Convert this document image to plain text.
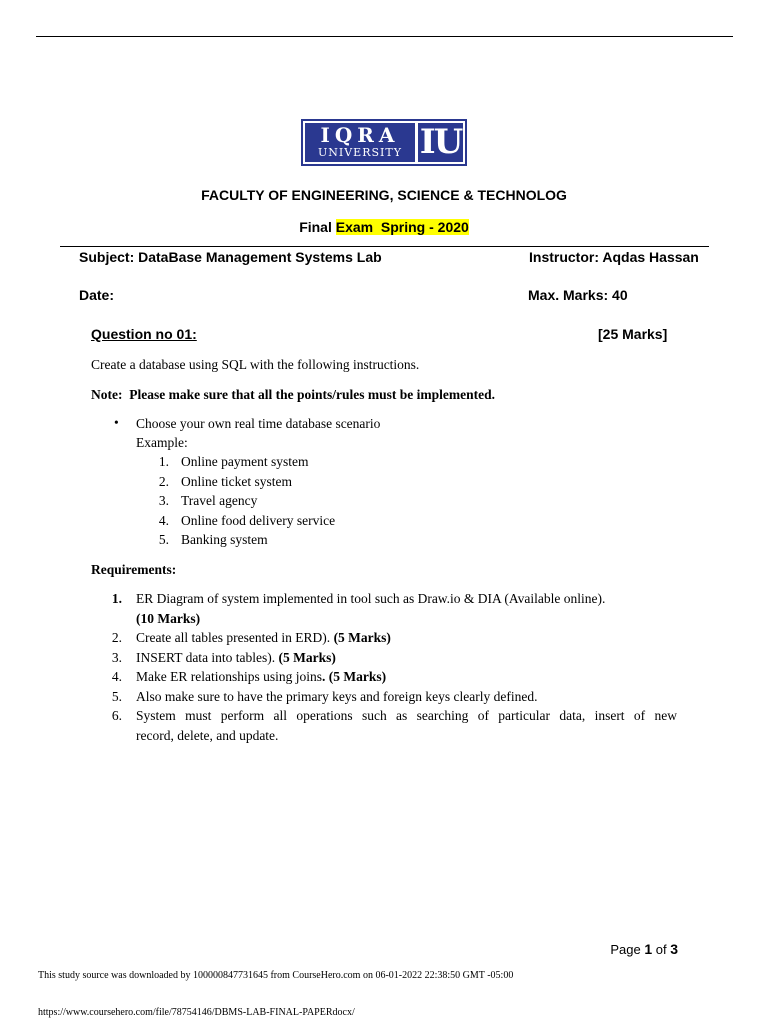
IQRA
UNIVERSITY IU
FACULTY OF ENGINEERING, SCIENCE & TECHNOLOG
Final Exam  Spring - 2020
Subject: DataBase Management Systems Lab	Instructor: Aqdas Hassan
Date:	Max. Marks: 40
Question no 01:	[25 Marks]
Create a database using SQL with the following instructions.
Note:  Please make sure that all the points/rules must be implemented.
• Choose your own real time database scenario
Example:
1. Online payment system
2. Online ticket system
3. Travel agency
4. Online food delivery service
5. Banking system
Requirements:
1. ER Diagram of system implemented in tool such as Draw.io & DIA (Available online).
(10 Marks)
2. Create all tables presented in ERD). (5 Marks)
3. INSERT data into tables). (5 Marks)
4. Make ER relationships using joins. (5 Marks)
5. Also make sure to have the primary keys and foreign keys clearly defined.
6. System must perform all operations such as searching of particular data, insert of new
record, delete, and update.
Page 1 of 3
This study source was downloaded by 100000847731645 from CourseHero.com on 06-01-2022 22:38:50 GMT -05:00
https://www.coursehero.com/file/78754146/DBMS-LAB-FINAL-PAPERdocx/
